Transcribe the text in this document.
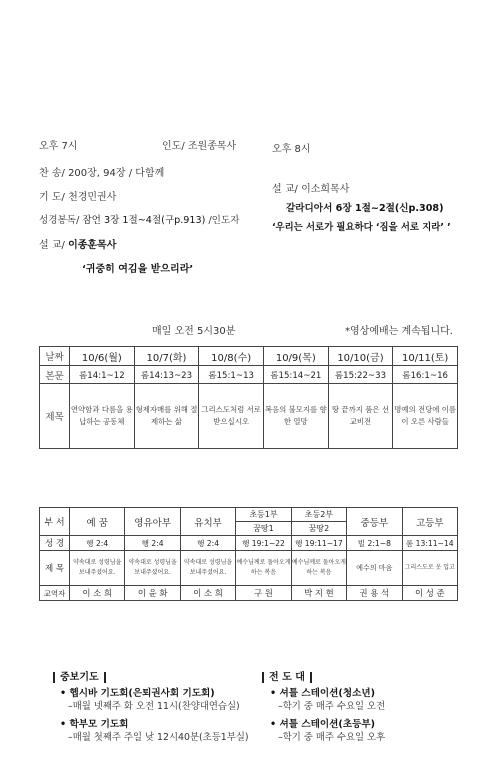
오후 7시	인도/ 조원종목사
찬 송/ 200장, 94장 / 다함께
기 도/ 천경민권사
성경봉독/ 잠언 3장 1절~4절(구p.913) /인도자
설 교/ 이종훈목사
‘귀중히 여김을 받으리라’
오후 8시
설 교/ 이소희목사
갈라디아서 6장 1절~2절(신p.308)
‘우리는 서로가 필요하다 ‘짐을 서로 지라’ ’
매일 오전 5시30분	*영상예배는 계속됩니다.
날짜	10/6(월)	10/7(화)	10/8(수)	10/9(목)	10/10(금)	10/11(토)
본문	롬14:1~12	롬14:13~23	롬15:1~13	롬15:14~21	롬15:22~33	롬16:1~16
제목	연약함과 다름을 용납하는 공동체	형제자매를 위해 절제하는 삶	그리스도처럼 서로 받으십시오	복음의 불모지를 향한 열망	땅 끝까지 품은 선교비전	명예의 전당에 이름이 오른 사람들
부 서	예 꿈	영유아부	유치부	초등1부	초등2부	중등부	고등부
				꿈땅1	꿈땅2		
성 경	행 2:4	행 2:4	행 2:4	행 19:1~22	행 19:11~17	빌 2:1~8	롬 13:11~14
제 목	약속대로 성령님을 보내주셨어요.	약속대로 성령님을 보내주셨어요.	약속대로 성령님을 보내주셨어요.	예수님께로 돌아오게 하는 복음	예수님께로 돌아오게 하는 복음	예수의 마음	그리스도로 옷 입고
교역자	이 소 희	이 윤 화	이 소 희	구 원	박 지 현	권 용 석	이 성 준
중보기도
• 헵시바 기도회(은퇴권사회 기도회)
–매월 넷째주 화 오전 11시(찬양대연습실)
• 학부모 기도회
–매월 첫째주 주일 낮 12시40분(초등1부실)
전 도 대
• 셔틀 스테이션(청소년)
–학기 중 매주 수요일 오전
• 셔틀 스테이션(초등부)
–학기 중 매주 수요일 오후
